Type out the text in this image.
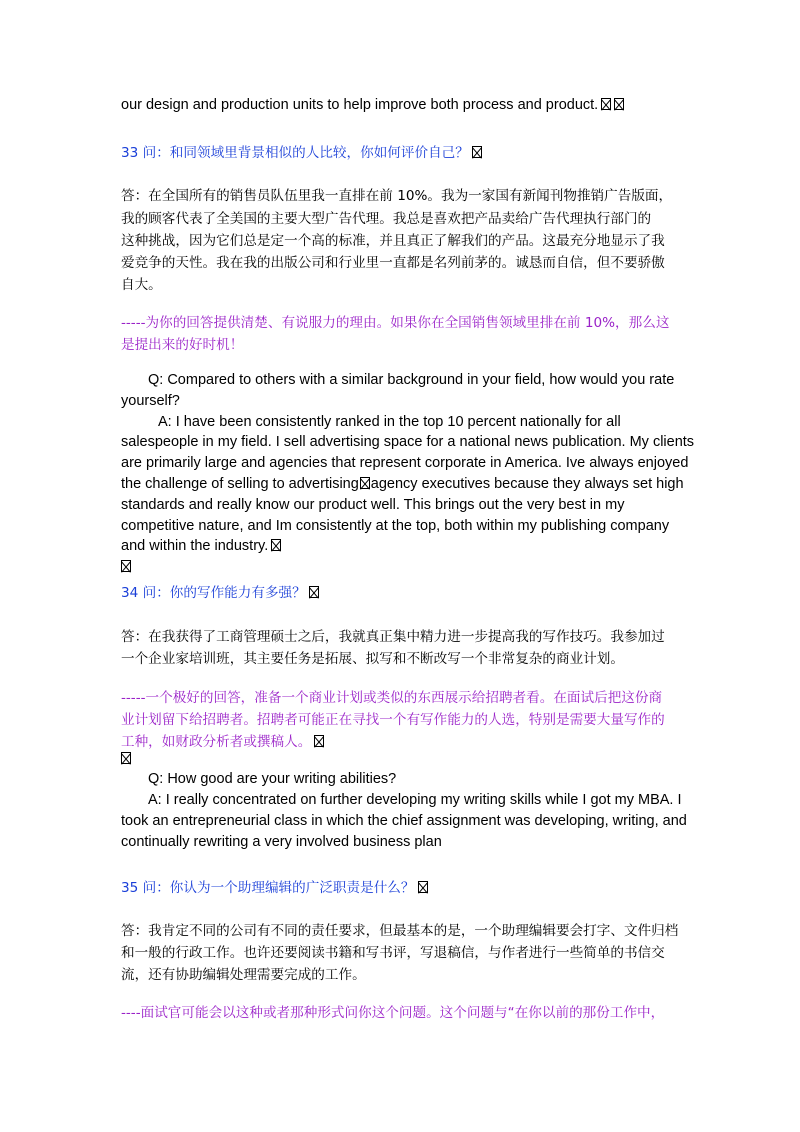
our design and production units to help improve both process and product.
33 问：和同领域里背景相似的人比较，你如何评价自己？
答：在全国所有的销售员队伍里我一直排在前 10%。我为一家国有新闻刊物推销广告版面，
我的顾客代表了全美国的主要大型广告代理。我总是喜欢把产品卖给广告代理执行部门的
这种挑战，因为它们总是定一个高的标准，并且真正了解我们的产品。这最充分地显示了我
爱竞争的天性。我在我的出版公司和行业里一直都是名列前茅的。诚恳而自信，但不要骄傲
自大。
-----为你的回答提供清楚、有说服力的理由。如果你在全国销售领域里排在前 10%，那么这
是提出来的好时机！
Q: Compared to others with a similar background in your field, how would you rate
yourself?
A: I have been consistently ranked in the top 10 percent nationally for all
salespeople in my field. I sell advertising space for a national news publication. My clients
are primarily large and agencies that represent corporate in America. Ive always enjoyed
the challenge of selling to advertising agency executives because they always set high
standards and really know our product well. This brings out the very best in my
competitive nature, and Im consistently at the top, both within my publishing company
and within the industry.
34 问：你的写作能力有多强？
答：在我获得了工商管理硕士之后，我就真正集中精力进一步提高我的写作技巧。我参加过
一个企业家培训班，其主要任务是拓展、拟写和不断改写一个非常复杂的商业计划。
-----一个极好的回答，准备一个商业计划或类似的东西展示给招聘者看。在面试后把这份商
业计划留下给招聘者。招聘者可能正在寻找一个有写作能力的人选，特别是需要大量写作的
工种，如财政分析者或撰稿人。
Q: How good are your writing abilities?
A: I really concentrated on further developing my writing skills while I got my MBA. I
took an entrepreneurial class in which the chief assignment was developing, writing, and
continually rewriting a very involved business plan
35 问：你认为一个助理编辑的广泛职责是什么？
答：我肯定不同的公司有不同的责任要求，但最基本的是，一个助理编辑要会打字、文件归档
和一般的行政工作。也许还要阅读书籍和写书评，写退稿信，与作者进行一些简单的书信交
流，还有协助编辑处理需要完成的工作。
----面试官可能会以这种或者那种形式问你这个问题。这个问题与“在你以前的那份工作中，
